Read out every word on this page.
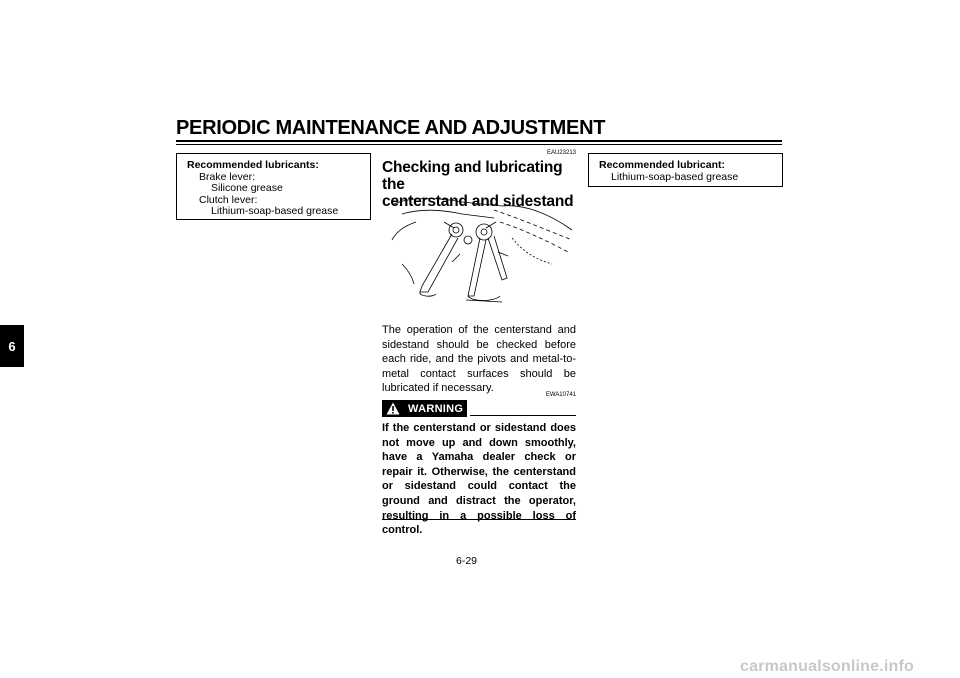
PERIODIC MAINTENANCE AND ADJUSTMENT
6
Recommended lubricants:
Brake lever:
Silicone grease
Clutch lever:
Lithium-soap-based grease
EAU23213
Checking and lubricating the
centerstand and sidestand

The operation of the centerstand and sidestand should be checked before each ride, and the pivots and metal-to-metal contact surfaces should be lubricated if necessary.

EWA10741
WARNING

If the centerstand or sidestand does not move up and down smoothly, have a Yamaha dealer check or repair it. Otherwise, the centerstand or sidestand could contact the ground and distract the operator, resulting in a possible loss of control.

Recommended lubricant:
Lithium-soap-based grease
6-29
carmanualsonline.info
